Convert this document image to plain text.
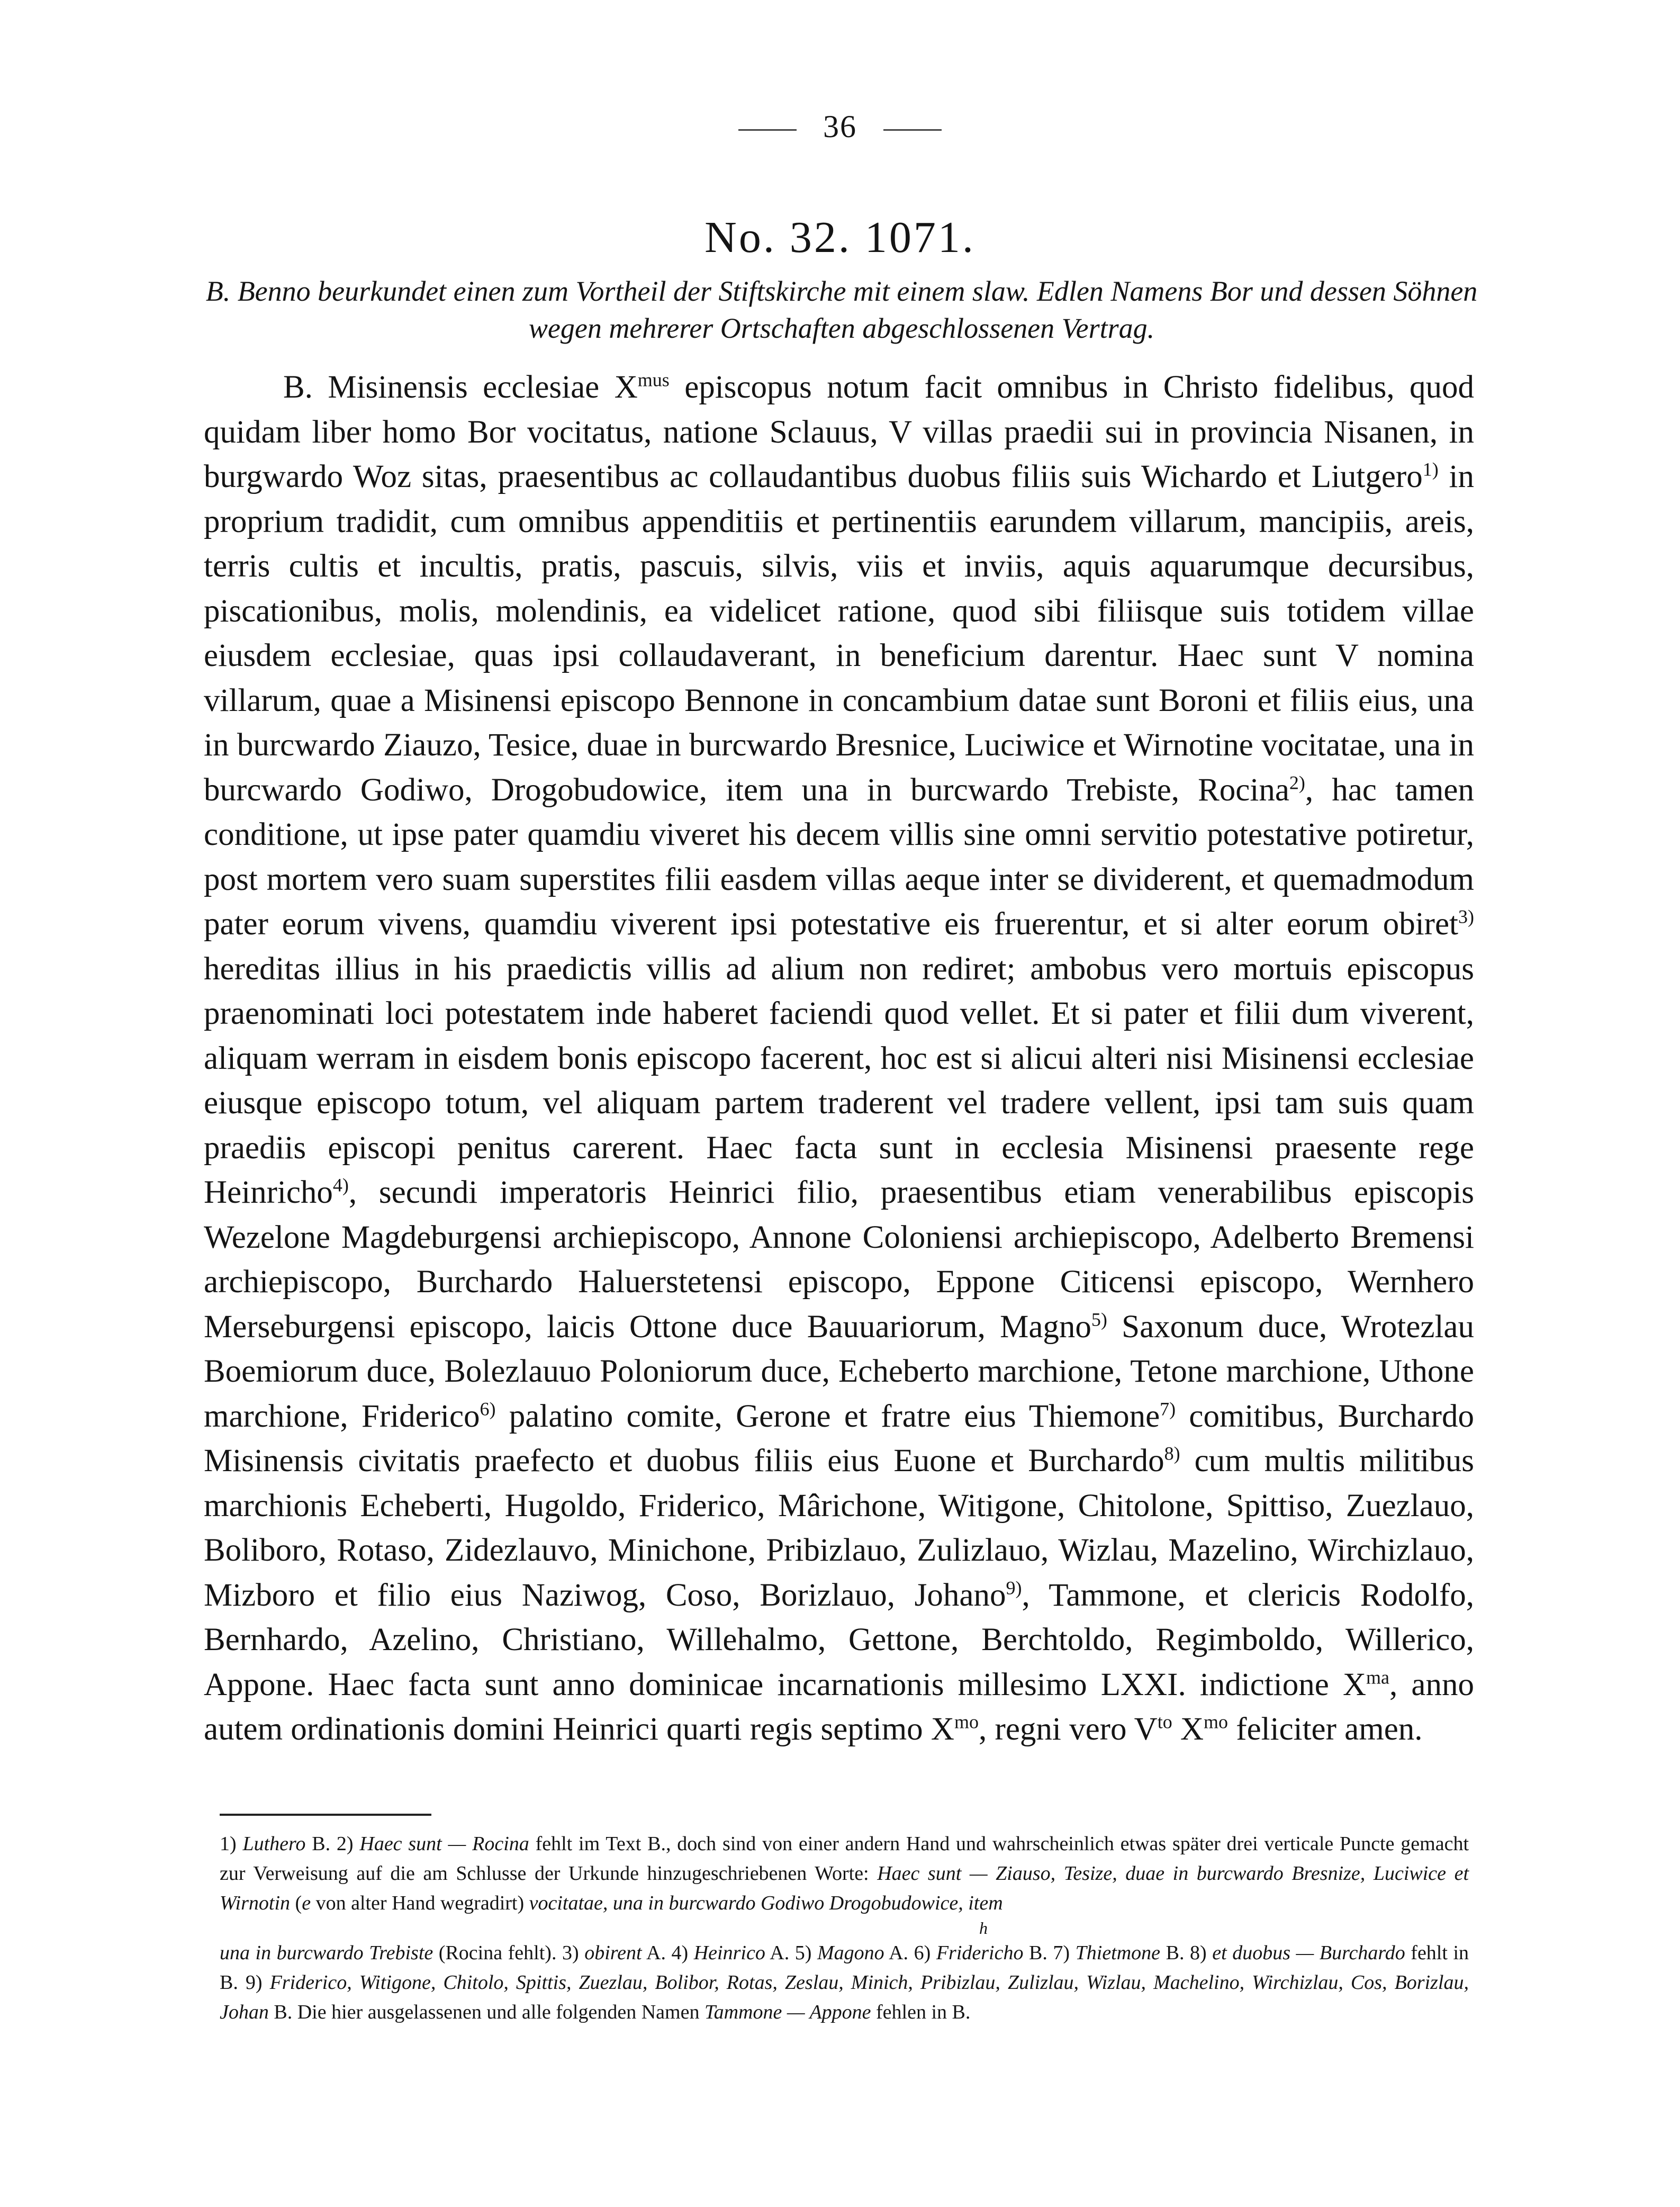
36
No. 32. 1071.
B. Benno beurkundet einen zum Vortheil der Stiftskirche mit einem slaw. Edlen Namens Bor und dessen Söhnen wegen mehrerer Ortschaften abgeschlossenen Vertrag.
B. Misinensis ecclesiae $X^{mus}$ episcopus notum facit omnibus in Christo fidelibus, quod quidam liber homo Bor vocitatus, natione Sclauus, V villas praedii sui in provincia Nisanen, in burgwardo Woz sitas, praesentibus ac collaudantibus duobus filiis suis Wichardo et Liutgero$^{1)}$ in proprium tradidit, cum omnibus appenditiis et pertinentiis earundem villarum, mancipiis, areis, terris cultis et incultis, pratis, pascuis, silvis, viis et inviis, aquis aquarumque decursibus, piscationibus, molis, molendinis, ea videlicet ratione, quod sibi filiisque suis totidem villae eiusdem ecclesiae, quas ipsi collaudaverant, in beneficium darentur. Haec sunt V nomina villarum, quae a Misinensi episcopo Bennone in concambium datae sunt Boroni et filiis eius, una in burcwardo Ziauzo, Tesice, duae in burcwardo Bresnice, Luciwice et Wirnotine vocitatae, una in burcwardo Godiwo, Drogobudowice, item una in burcwardo Trebiste, Rocina$^{2)}$, hac tamen conditione, ut ipse pater quamdiu viveret his decem villis sine omni servitio potestative potiretur, post mortem vero suam superstites filii easdem villas aeque inter se dividerent, et quemadmodum pater eorum vivens, quamdiu viverent ipsi potestative eis fruerentur, et si alter eorum obiret$^{3)}$ hereditas illius in his praedictis villis ad alium non rediret; ambobus vero mortuis episcopus praenominati loci potestatem inde haberet faciendi quod vellet. Et si pater et filii dum viverent, aliquam werram in eisdem bonis episcopo facerent, hoc est si alicui alteri nisi Misinensi ecclesiae eiusque episcopo totum, vel aliquam partem traderent vel tradere vellent, ipsi tam suis quam praediis episcopi penitus carerent. Haec facta sunt in ecclesia Misinensi praesente rege Heinricho$^{4)}$, secundi imperatoris Heinrici filio, praesentibus etiam venerabilibus episcopis Wezelone Magdeburgensi archiepiscopo, Annone Coloniensi archiepiscopo, Adelberto Bremensi archiepiscopo, Burchardo Haluerstetensi episcopo, Eppone Citicensi episcopo, Wernhero Merseburgensi episcopo, laicis Ottone duce Bauuariorum, Magno$^{5)}$ Saxonum duce, Wrotezlau Boemiorum duce, Bolezlauuo Poloniorum duce, Echeberto marchione, Tetone marchione, Uthone marchione, Friderico$^{6)}$ palatino comite, Gerone et fratre eius Thiemone$^{7)}$ comitibus, Burchardo Misinensis civitatis praefecto et duobus filiis eius Euone et Burchardo$^{8)}$ cum multis militibus marchionis Echeberti, Hugoldo, Friderico, Mârichone, Witigone, Chitolone, Spittiso, Zuezlauo, Boliboro, Rotaso, Zidezlauvo, Minichone, Pribizlauo, Zulizlauo, Wizlau, Mazelino, Wirchizlauo, Mizboro et filio eius Naziwog, Coso, Borizlauo, Johano$^{9)}$, Tammone, et clericis Rodolfo, Bernhardo, Azelino, Christiano, Willehalmo, Gettone, Berchtoldo, Regimboldo, Willerico, Appone. Haec facta sunt anno dominicae incarnationis millesimo LXXI. indictione $X^{ma}$, anno autem ordinationis domini Heinrici quarti regis septimo $X^{mo}$, regni vero $V^{to}$ $X^{mo}$ feliciter amen.
1) Luthero B. 2) Haec sunt — Rocina fehlt im Text B., doch sind von einer andern Hand und wahrscheinlich etwas später drei verticale Puncte gemacht zur Verweisung auf die am Schlusse der Urkunde hinzugeschriebenen Worte: Haec sunt — Ziauso, Tesize, duae in burcwardo Bresnize, Luciwice et Wirnotin (e von alter Hand wegradirt) vocitatae, una in burcwardo Godiwo Drogobudowice, item
h
una in burcwardo Trebiste (Rocina fehlt). 3) obirent A. 4) Heinrico A. 5) Magono A. 6) Friderichо B. 7) Thietmone B. 8) et duobus — Burchardo fehlt in B. 9) Friderico, Witigone, Chitolo, Spittis, Zuezlau, Bolibor, Rotas, Zeslau, Minich, Pribizlau, Zulizlau, Wizlau, Machelino, Wirchizlau, Cos, Borizlau, Johan B. Die hier ausgelassenen und alle folgenden Namen Tammone — Appone fehlen in B.
